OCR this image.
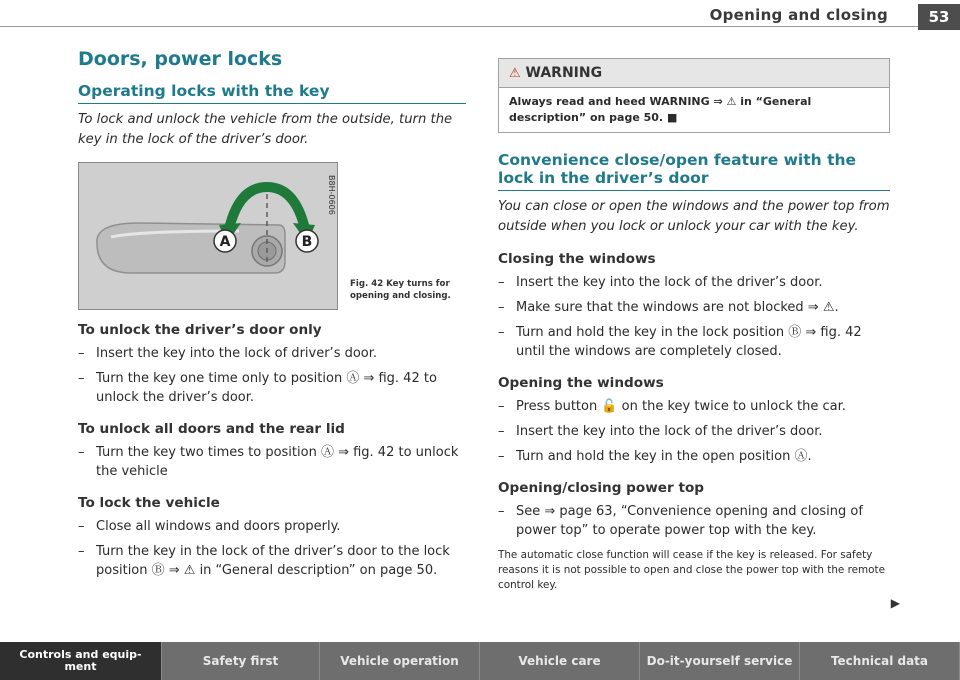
Opening and closing	53
Doors, power locks
Operating locks with the key

To lock and unlock the vehicle from the outside, turn the key in the lock of the driver’s door.

A	B
B8H-0606
Fig. 42 Key turns for opening and closing.
To unlock the driver’s door only
– Insert the key into the lock of driver’s door.
– Turn the key one time only to position Ⓐ ⇒ fig. 42 to unlock the driver’s door.
To unlock all doors and the rear lid
– Turn the key two times to position Ⓐ ⇒ fig. 42 to unlock the vehicle
To lock the vehicle
– Close all windows and doors properly.
– Turn the key in the lock of the driver’s door to the lock position Ⓑ ⇒ ⚠ in “General description” on page 50.
⚠ WARNING
Always read and heed WARNING ⇒ ⚠ in “General description” on page 50. ■
Convenience close/open feature with the lock in the driver’s door

You can close or open the windows and the power top from outside when you lock or unlock your car with the key.

Closing the windows
– Insert the key into the lock of the driver’s door.
– Make sure that the windows are not blocked ⇒ ⚠.
– Turn and hold the key in the lock position Ⓑ ⇒ fig. 42 until the windows are completely closed.
Opening the windows
– Press button 🔓 on the key twice to unlock the car.
– Insert the key into the lock of the driver’s door.
– Turn and hold the key in the open position Ⓐ.
Opening/closing power top
– See ⇒ page 63, “Convenience opening and closing of power top” to operate power top with the key.
The automatic close function will cease if the key is released. For safety reasons it is not possible to open and close the power top with the remote control key.
▶
Controls and equip-
ment	Safety first	Vehicle operation	Vehicle care	Do-it-yourself service	Technical data
